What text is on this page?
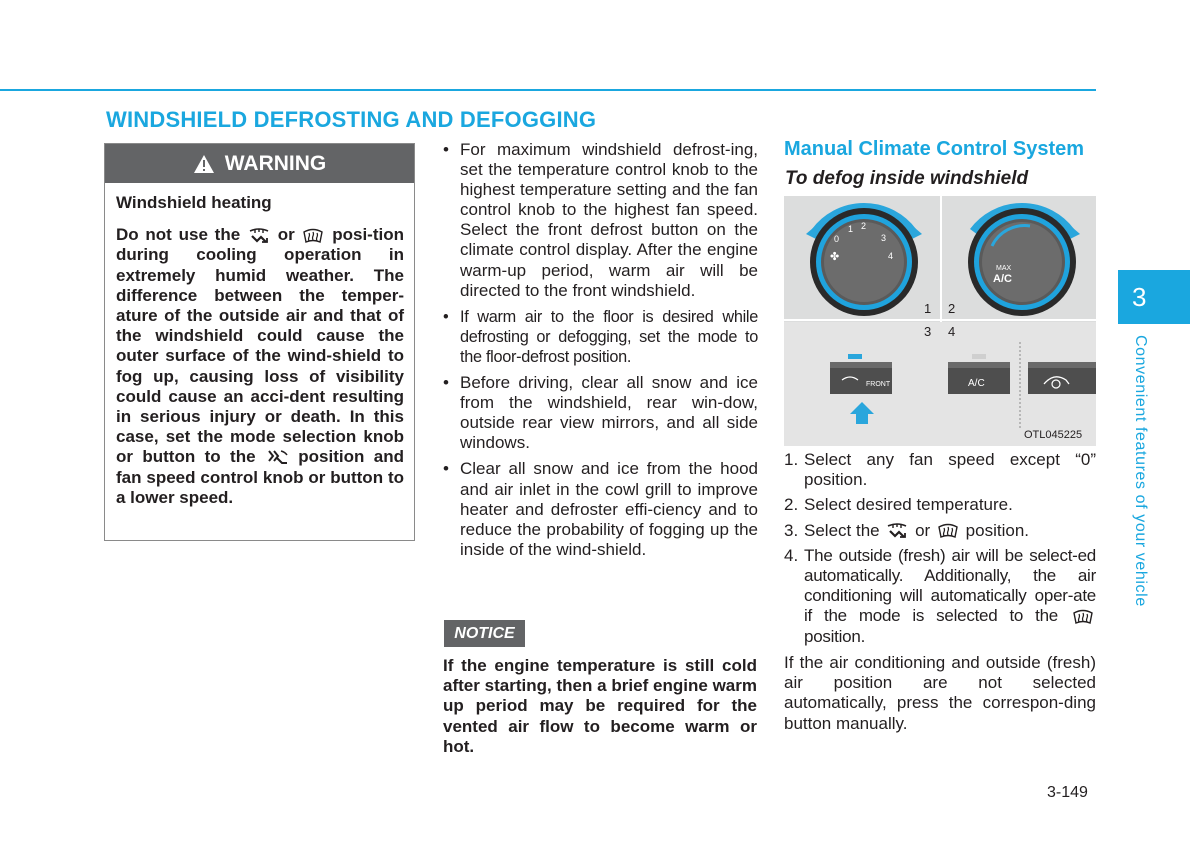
WINDSHIELD DEFROSTING AND DEFOGGING
WARNING
Windshield heating
Do not use the or posi-tion during cooling operation in extremely humid weather. The difference between the temper-ature of the outside air and that of the windshield could cause the outer surface of the wind-shield to fog up, causing loss of visibility could cause an acci-dent resulting in serious injury or death. In this case, set the mode selection knob or button to the	position and fan speed control knob or button to a lower speed.
• For maximum windshield defrost-ing, set the temperature control knob to the highest temperature setting and the fan control knob to the highest fan speed. Select the front defrost button on the climate control display. After the engine warm-up period, warm air will be directed to the front windshield.
• If warm air to the floor is desired while defrosting or defogging, set the mode to the floor-defrost position.
• Before driving, clear all snow and ice from the windshield, rear win-dow, outside rear view mirrors, and all side windows.
• Clear all snow and ice from the hood and air inlet in the cowl grill to improve heater and defroster effi-ciency and to reduce the probability of fogging up the inside of the wind-shield.
NOTICE
If the engine temperature is still cold after starting, then a brief engine warm up period may be required for the vented air flow to become warm or hot.
Manual Climate Control System
To defog inside windshield
0
1 2
3
4
✤
MAX
A/C
1 2
3 4
FRONT	A/C
OTL045225
1. Select any fan speed except “0” position.
2. Select desired temperature.
3. Select the or position.
4. The outside (fresh) air will be select-ed automatically. Additionally, the air conditioning will automatically oper-ate if the mode is selected to the  position.
If the air conditioning and outside (fresh) air position are not selected automatically, press the correspon-ding button manually.
3
Convenient features of your vehicle
3-149
